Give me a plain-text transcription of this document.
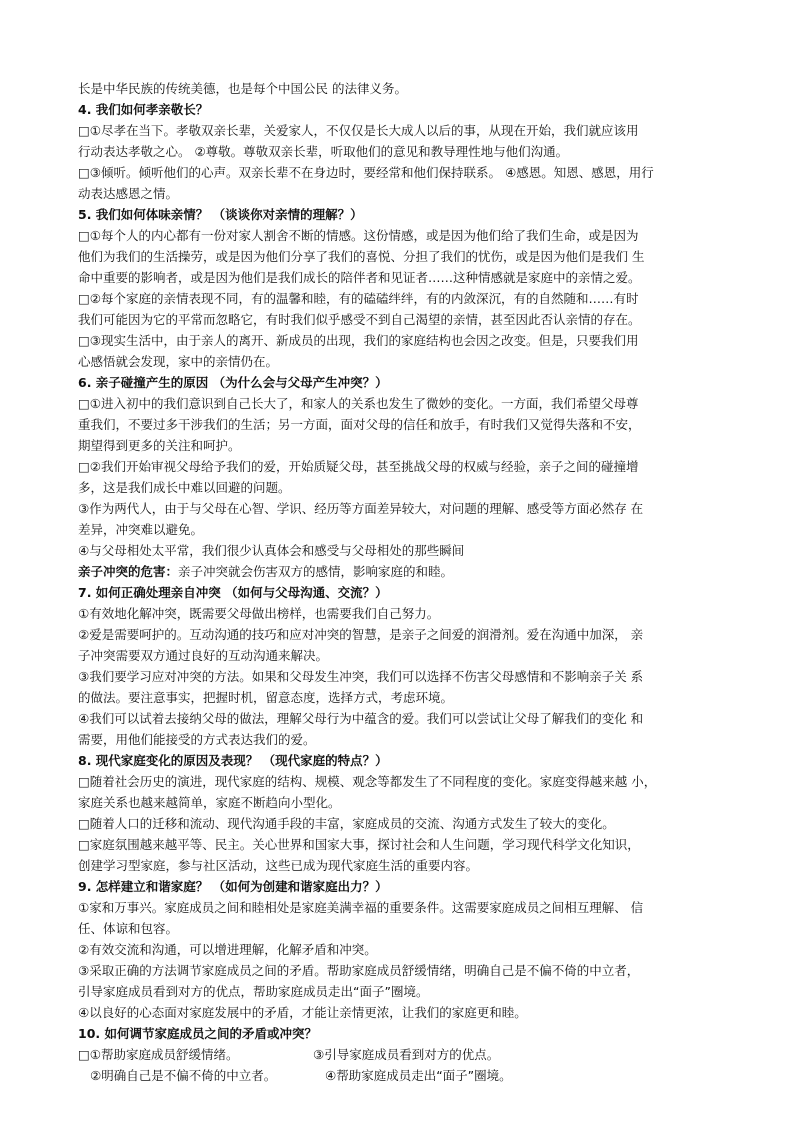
长是中华民族的传统美德，也是每个中国公民 的法律义务。
4. 我们如何孝亲敬长？
□①尽孝在当下。孝敬双亲长辈，关爱家人，不仅仅是长大成人以后的事，从现在开始，我们就应该用
行动表达孝敬之心。 ②尊敬。尊敬双亲长辈，听取他们的意见和教导理性地与他们沟通。
□③倾听。倾听他们的心声。双亲长辈不在身边时，要经常和他们保持联系。 ④感恩。知恩、感恩，用行
动表达感恩之情。
5. 我们如何体味亲情？ （谈谈你对亲情的理解？）
□①每个人的内心都有一份对家人割舍不断的情感。这份情感，或是因为他们给了我们生命，或是因为
他们为我们的生活操劳，或是因为他们分享了我们的喜悦、分担了我们的忧伤，或是因为他们是我们 生
命中重要的影响者，或是因为他们是我们成长的陪伴者和见证者……这种情感就是家庭中的亲情之爱。
□②每个家庭的亲情表现不同，有的温馨和睦，有的磕磕绊绊，有的内敛深沉，有的自然随和……有时
我们可能因为它的平常而忽略它，有时我们似乎感受不到自己渴望的亲情，甚至因此否认亲情的存在。
□③现实生活中，由于亲人的离开、新成员的出现，我们的家庭结构也会因之改变。但是，只要我们用
心感悟就会发现，家中的亲情仍在。
6. 亲子碰撞产生的原因 （为什么会与父母产生冲突？）
□①进入初中的我们意识到自己长大了，和家人的关系也发生了微妙的变化。一方面，我们希望父母尊
重我们，不要过多干涉我们的生活；另一方面，面对父母的信任和放手，有时我们又觉得失落和不安，
期望得到更多的关注和呵护。
□②我们开始审视父母给予我们的爱，开始质疑父母，甚至挑战父母的权威与经验，亲子之间的碰撞增
多，这是我们成长中难以回避的问题。
③作为两代人，由于与父母在心智、学识、经历等方面差异较大，对问题的理解、感受等方面必然存 在
差异，冲突难以避免。
④与父母相处太平常，我们很少认真体会和感受与父母相处的那些瞬间
亲子冲突的危害：亲子冲突就会伤害双方的感情，影响家庭的和睦。
7. 如何正确处理亲自冲突 （如何与父母沟通、交流？）
①有效地化解冲突，既需要父母做出榜样，也需要我们自己努力。
②爱是需要呵护的。互动沟通的技巧和应对冲突的智慧，是亲子之间爱的润滑剂。爱在沟通中加深， 亲
子冲突需要双方通过良好的互动沟通来解决。
③我们要学习应对冲突的方法。如果和父母发生冲突，我们可以选择不伤害父母感情和不影响亲子关 系
的做法。要注意事实，把握时机，留意态度，选择方式，考虑环境。
④我们可以试着去接纳父母的做法，理解父母行为中蕴含的爱。我们可以尝试让父母了解我们的变化 和
需要，用他们能接受的方式表达我们的爱。
8. 现代家庭变化的原因及表现？ （现代家庭的特点？）
□随着社会历史的演进，现代家庭的结构、规模、观念等都发生了不同程度的变化。家庭变得越来越 小，
家庭关系也越来越简单，家庭不断趋向小型化。
□随着人口的迁移和流动、现代沟通手段的丰富，家庭成员的交流、沟通方式发生了较大的变化。
□家庭氛围越来越平等、民主。关心世界和国家大事，探讨社会和人生问题，学习现代科学文化知识，
创建学习型家庭，参与社区活动，这些已成为现代家庭生活的重要内容。
9. 怎样建立和谐家庭？ （如何为创建和谐家庭出力？）
①家和万事兴。家庭成员之间和睦相处是家庭美满幸福的重要条件。这需要家庭成员之间相互理解、 信
任、体谅和包容。
②有效交流和沟通，可以增进理解，化解矛盾和冲突。
③采取正确的方法调节家庭成员之间的矛盾。帮助家庭成员舒缓情绪，明确自己是不偏不倚的中立者，
引导家庭成员看到对方的优点，帮助家庭成员走出“面子”圈境。
④以良好的心态面对家庭发展中的矛盾，才能让亲情更浓，让我们的家庭更和睦。
10. 如何调节家庭成员之间的矛盾或冲突？
□①帮助家庭成员舒缓情绪。	③引导家庭成员看到对方的优点。
②明确自己是不偏不倚的中立者。	④帮助家庭成员走出“面子”圈境。
